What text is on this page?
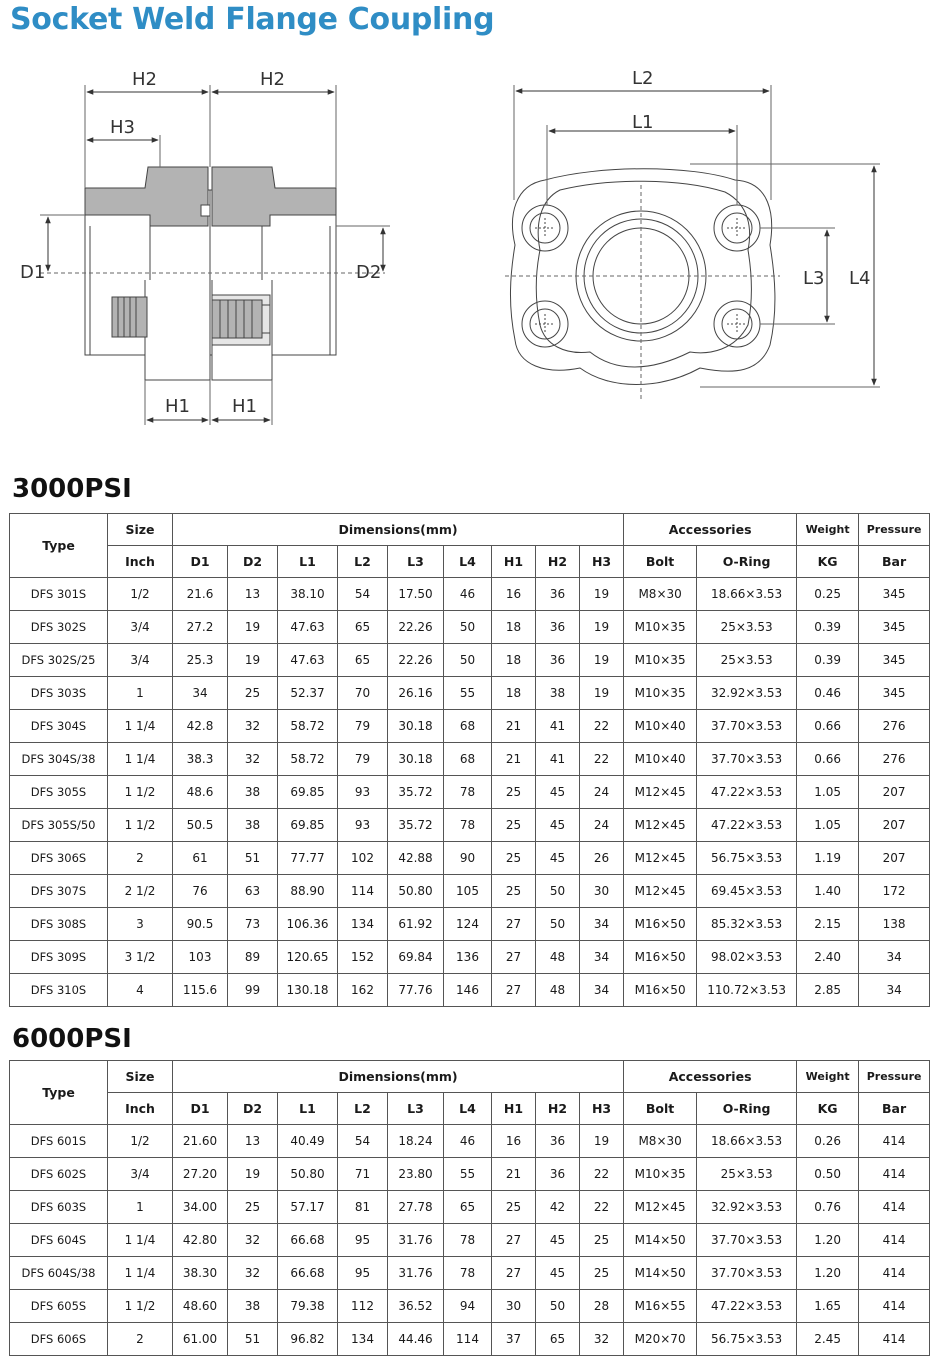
Socket Weld Flange Coupling
H2	H2
H3
D1	D2
H1 H1
L2
L1
L3 L4
3000PSI
Type	Size	Dimensions(mm)									Accessories		Weight	Pressure
	Inch	D1	D2	L1	L2	L3	L4	H1	H2	H3	Bolt	O-Ring	KG	Bar
DFS 301S	1/2	21.6	13	38.10	54	17.50	46	16	36	19	M8×30	18.66×3.53	0.25	345
DFS 302S	3/4	27.2	19	47.63	65	22.26	50	18	36	19	M10×35	25×3.53	0.39	345
DFS 302S/25	3/4	25.3	19	47.63	65	22.26	50	18	36	19	M10×35	25×3.53	0.39	345
DFS 303S	1	34	25	52.37	70	26.16	55	18	38	19	M10×35	32.92×3.53	0.46	345
DFS 304S	1 1/4	42.8	32	58.72	79	30.18	68	21	41	22	M10×40	37.70×3.53	0.66	276
DFS 304S/38	1 1/4	38.3	32	58.72	79	30.18	68	21	41	22	M10×40	37.70×3.53	0.66	276
DFS 305S	1 1/2	48.6	38	69.85	93	35.72	78	25	45	24	M12×45	47.22×3.53	1.05	207
DFS 305S/50	1 1/2	50.5	38	69.85	93	35.72	78	25	45	24	M12×45	47.22×3.53	1.05	207
DFS 306S	2	61	51	77.77	102	42.88	90	25	45	26	M12×45	56.75×3.53	1.19	207
DFS 307S	2 1/2	76	63	88.90	114	50.80	105	25	50	30	M12×45	69.45×3.53	1.40	172
DFS 308S	3	90.5	73	106.36	134	61.92	124	27	50	34	M16×50	85.32×3.53	2.15	138
DFS 309S	3 1/2	103	89	120.65	152	69.84	136	27	48	34	M16×50	98.02×3.53	2.40	34
DFS 310S	4	115.6	99	130.18	162	77.76	146	27	48	34	M16×50	110.72×3.53	2.85	34
6000PSI
Type	Size	Dimensions(mm)									Accessories		Weight	Pressure
	Inch	D1	D2	L1	L2	L3	L4	H1	H2	H3	Bolt	O-Ring	KG	Bar
DFS 601S	1/2	21.60	13	40.49	54	18.24	46	16	36	19	M8×30	18.66×3.53	0.26	414
DFS 602S	3/4	27.20	19	50.80	71	23.80	55	21	36	22	M10×35	25×3.53	0.50	414
DFS 603S	1	34.00	25	57.17	81	27.78	65	25	42	22	M12×45	32.92×3.53	0.76	414
DFS 604S	1 1/4	42.80	32	66.68	95	31.76	78	27	45	25	M14×50	37.70×3.53	1.20	414
DFS 604S/38	1 1/4	38.30	32	66.68	95	31.76	78	27	45	25	M14×50	37.70×3.53	1.20	414
DFS 605S	1 1/2	48.60	38	79.38	112	36.52	94	30	50	28	M16×55	47.22×3.53	1.65	414
DFS 606S	2	61.00	51	96.82	134	44.46	114	37	65	32	M20×70	56.75×3.53	2.45	414
